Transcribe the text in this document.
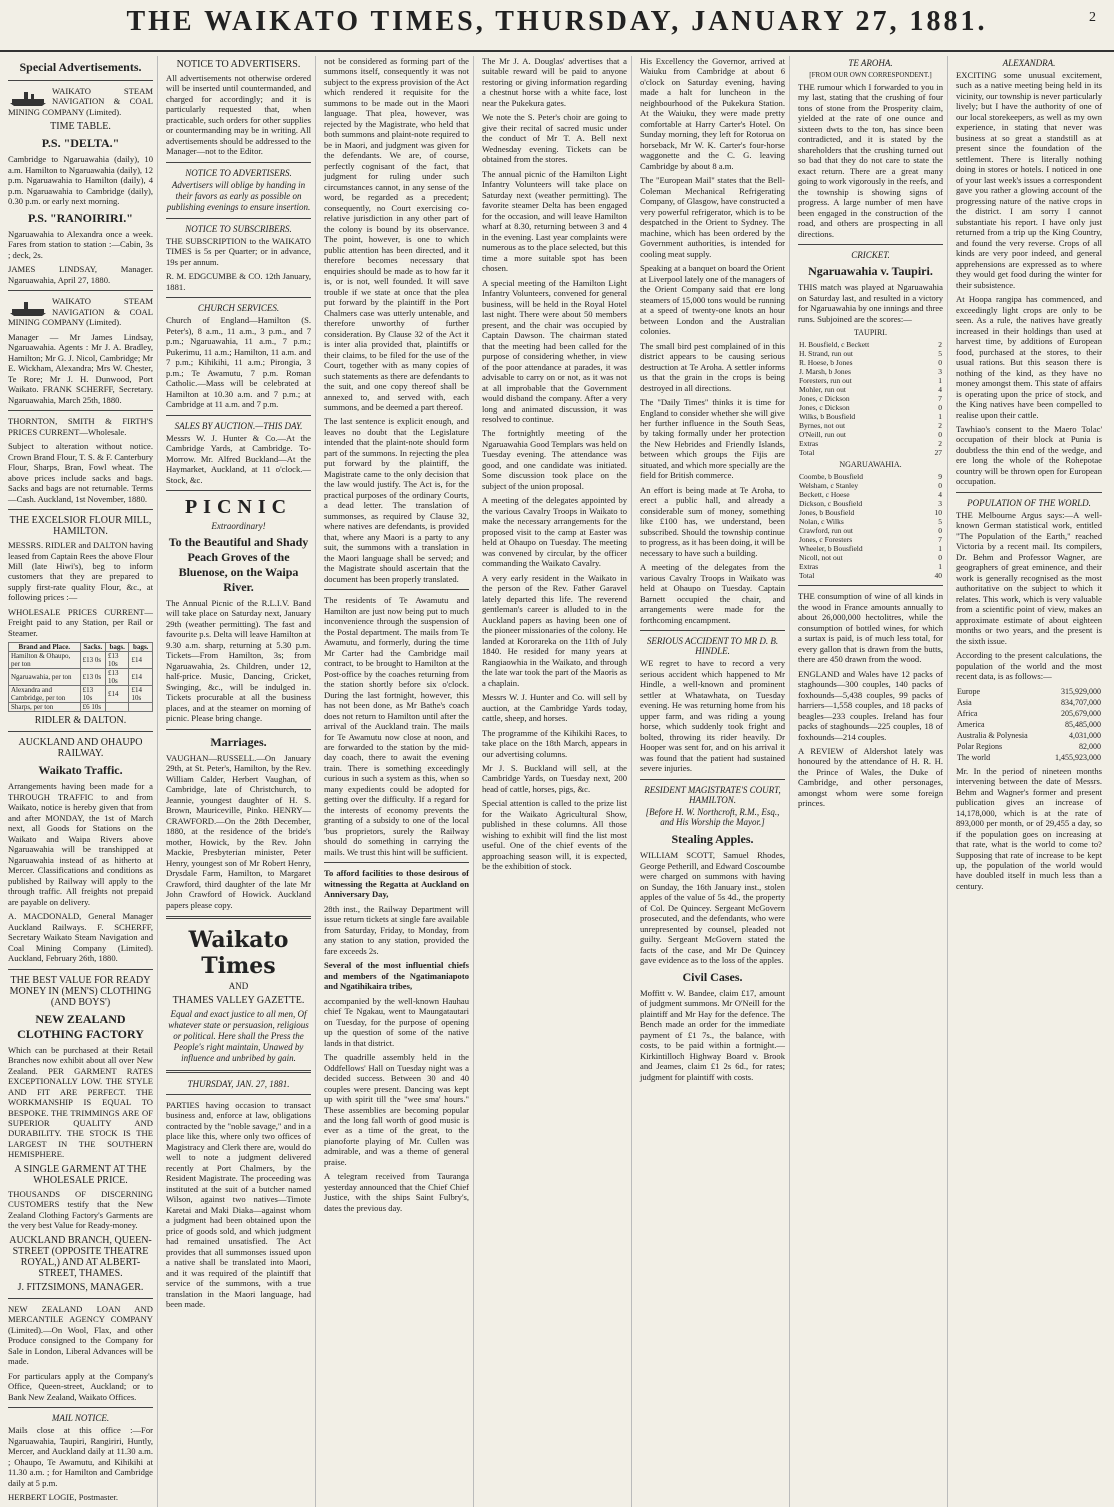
THE WAIKATO TIMES, THURSDAY, JANUARY 27, 1881.	2
Special Advertisements.

WAIKATO STEAM NAVIGATION & COAL MINING COMPANY (Limited).

TIME TABLE.
P.S. "DELTA."

Cambridge to Ngaruawahia (daily), 10 a.m. Hamilton to Ngaruawahia (daily), 12 p.m. Ngaruawahia to Hamilton (daily), 4 p.m. Ngaruawahia to Cambridge (daily), 0.30 p.m. or early next morning.

P.S. "RANOIRIRI."

Ngaruawahia to Alexandra once a week. Fares from station to station :—Cabin, 3s ; deck, 2s.

JAMES LINDSAY, Manager. Ngaruawahia, April 27, 1880.

WAIKATO STEAM NAVIGATION & COAL MINING COMPANY (Limited).

Manager — Mr James Lindsay, Ngaruawahia. Agents : Mr J. A. Bradley, Hamilton; Mr G. J. Nicol, Cambridge; Mr E. Wickham, Alexandra; Mrs W. Chester, Te Rore; Mr J. H. Dunwood, Port Waikato. FRANK SCHERFF, Secretary. Ngaruawahia, March 25th, 1880.

THORNTON, SMITH & FIRTH'S PRICES CURRENT—Wholesale.

Subject to alteration without notice. Crown Brand Flour, T. S. & F. Canterbury Flour, Sharps, Bran, Fowl wheat. The above prices include sacks and bags. Sacks and bags are not returnable. Terms—Cash. Auckland, 1st November, 1880.

THE EXCELSIOR FLOUR MILL, HAMILTON.

MESSRS. RIDLER and DALTON having leased from Captain Rees the above Flour Mill (late Hiwi's), beg to inform customers that they are prepared to supply first-rate quality Flour, &c., at following prices :—

WHOLESALE PRICES CURRENT— Freight paid to any Station, per Rail or Steamer.

Brand and Place.	Sacks.	bags.	bags.
Hamilton & Ohaupo, per ton	£13 0s	£13 10s	£14
Ngaruawahia, per ton	£13 0s	£13 10s	£14
Alexandra and Cambridge, per ton	£13 10s	£14	£14 10s
Sharps, per ton	£6 10s		
RIDLER & DALTON.
AUCKLAND AND OHAUPO RAILWAY.
Waikato Traffic.

Arrangements having been made for a THROUGH TRAFFIC to and from Waikato, notice is hereby given that from and after MONDAY, the 1st of March next, all Goods for Stations on the Waikato and Waipa Rivers above Ngaruawahia will be transhipped at Ngaruawahia instead of as hitherto at Mercer. Classifications and conditions as published by Railway will apply to the through traffic. All freights not prepaid are payable on delivery.

A. MACDONALD, General Manager Auckland Railways. F. SCHERFF, Secretary Waikato Steam Navigation and Coal Mining Company (Limited). Auckland, February 26th, 1880.

THE BEST VALUE FOR READY MONEY IN (MEN'S) CLOTHING (AND BOYS')
NEW ZEALAND CLOTHING FACTORY

Which can be purchased at their Retail Branches now exhibit about all over New Zealand. PER GARMENT RATES EXCEPTIONALLY LOW. THE STYLE AND FIT ARE PERFECT. THE WORKMANSHIP IS EQUAL TO BESPOKE. THE TRIMMINGS ARE OF SUPERIOR QUALITY AND DURABILITY. THE STOCK IS THE LARGEST IN THE SOUTHERN HEMISPHERE.

A SINGLE GARMENT AT THE WHOLESALE PRICE.

THOUSANDS OF DISCERNING CUSTOMERS testify that the New Zealand Clothing Factory's Garments are the very best Value for Ready-money.

AUCKLAND BRANCH, QUEEN-STREET (OPPOSITE THEATRE ROYAL,) AND AT ALBERT-STREET, THAMES.
J. FITZSIMONS, MANAGER.

NEW ZEALAND LOAN AND MERCANTILE AGENCY COMPANY (Limited).—On Wool, Flax, and other Produce consigned to the Company for Sale in London, Liberal Advances will be made.

For particulars apply at the Company's Office, Queen-street, Auckland; or to Bank New Zealand, Waikato Offices.

MAIL NOTICE.

Mails close at this office :—For Ngaruawahia, Taupiri, Rangiriri, Huntly, Mercer, and Auckland daily at 11.30 a.m. ; Ohaupo, Te Awamutu, and Kihikihi at 11.30 a.m. ; for Hamilton and Cambridge daily at 5 p.m.

HERBERT LOGIE, Postmaster.

NOTICE TO ADVERTISERS.

All advertisements not otherwise ordered will be inserted until countermanded, and charged for accordingly; and it is particularly requested that, when practicable, such orders for other supplies or countermanding may be in writing. All advertisements should be addressed to the Manager—not to the Editor.

NOTICE TO ADVERTISERS.

Advertisers will oblige by handing in their favors as early as possible on publishing evenings to ensure insertion.

NOTICE TO SUBSCRIBERS.

THE SUBSCRIPTION to the WAIKATO TIMES is 5s per Quarter; or in advance, 19s per annum.

R. M. EDGCUMBE & CO. 12th January, 1881.

CHURCH SERVICES.

Church of England—Hamilton (S. Peter's), 8 a.m., 11 a.m., 3 p.m., and 7 p.m.; Ngaruawahia, 11 a.m., 7 p.m.; Pukerimu, 11 a.m.; Hamilton, 11 a.m. and 7 p.m.; Kihikihi, 11 a.m.; Pirongia, 3 p.m.; Te Awamutu, 7 p.m. Roman Catholic.—Mass will be celebrated at Hamilton at 10.30 a.m. and 7 p.m.; at Cambridge at 11 a.m. and 7 p.m.

SALES BY AUCTION.—THIS DAY.

Messrs W. J. Hunter & Co.—At the Cambridge Yards, at Cambridge. To-Morrow. Mr. Alfred Buckland—At the Haymarket, Auckland, at 11 o'clock.—Stock, &c.

PICNIC
Extraordinary!
To the Beautiful and Shady Peach Groves of the Bluenose, on the Waipa River.

The Annual Picnic of the R.L.I.V. Band will take place on Saturday next, January 29th (weather permitting). The fast and favourite p.s. Delta will leave Hamilton at 9.30 a.m. sharp, returning at 5.30 p.m. Tickets—From Hamilton, 3s; from Ngaruawahia, 2s. Children, under 12, half-price. Music, Dancing, Cricket, Swinging, &c., will be indulged in. Tickets procurable at all the business places, and at the steamer on morning of picnic. Please bring change.

Marriages.

VAUGHAN—RUSSELL.—On January 29th, at St. Peter's, Hamilton, by the Rev. William Calder, Herbert Vaughan, of Cambridge, late of Christchurch, to Jeannie, youngest daughter of H. S. Brown, Mauriceville, Pinko. HENRY—CRAWFORD.—On the 28th December, 1880, at the residence of the bride's mother, Howick, by the Rev. John Mackie, Presbyterian minister, Peter Henry, youngest son of Mr Robert Henry, Drysdale Farm, Hamilton, to Margaret Crawford, third daughter of the late Mr John Crawford of Howick. Auckland papers please copy.

Waikato Times
AND
THAMES VALLEY GAZETTE.

Equal and exact justice to all men, Of whatever state or persuasion, religious or political. Here shall the Press the People's right maintain, Unawed by influence and unbribed by gain.

THURSDAY, JAN. 27, 1881.

PARTIES having occasion to transact business and, enforce at law, obligations contracted by the "noble savage," and in a place like this, where only two offices of Magistracy and Clerk there are, would do well to note a judgment delivered recently at Port Chalmers, by the Resident Magistrate. The proceeding was instituted at the suit of a butcher named Wilson, against two natives—Timote Karetai and Maki Diaka—against whom a judgment had been obtained upon the price of goods sold, and which judgment had remained unsatisfied. The Act provides that all summonses issued upon a native shall be translated into Maori, and it was required of the plaintiff that service of the summons, with a true translation in the Maori language, had been made.

not be considered as forming part of the summons itself, consequently it was not subject to the express provision of the Act which rendered it requisite for the summons to be made out in the Maori language. That plea, however, was rejected by the Magistrate, who held that both summons and plaint-note required to be in Maori, and judgment was given for the defendants. We are, of course, perfectly cognisant of the fact, that judgment for ruling under such circumstances cannot, in any sense of the word, be regarded as a precedent; consequently, no Court exercising co-relative jurisdiction in any other part of the colony is bound by its observance. The point, however, is one to which public attention has been directed, and it therefore becomes necessary that enquiries should be made as to how far it is, or is not, well founded. It will save trouble if we state at once that the plea put forward by the plaintiff in the Port Chalmers case was utterly untenable, and therefore unworthy of further consideration. By Clause 32 of the Act it is inter alia provided that, plaintiffs or their claims, to be filed for the use of the Court, together with as many copies of such statements as there are defendants to the suit, and one copy thereof shall be annexed to, and served with, each summons, and be deemed a part thereof.

The last sentence is explicit enough, and leaves no doubt that the Legislature intended that the plaint-note should form part of the summons. In rejecting the plea put forward by the plaintiff, the Magistrate came to the only decision that the law would justify. The Act is, for the practical purposes of the ordinary Courts, a dead letter. The translation of summonses, as required by Clause 32, where natives are defendants, is provided that, where any Maori is a party to any suit, the summons with a translation in the Maori language shall be served; and the Magistrate should ascertain that the document has been properly translated.

The residents of Te Awamutu and Hamilton are just now being put to much inconvenience through the suspension of the Postal department. The mails from Te Awamutu, and formerly, during the time Mr Carter had the Cambridge mail contract, to be brought to Hamilton at the Post-office by the coaches returning from the station shortly before six o'clock. During the last fortnight, however, this has not been done, as Mr Bathe's coach does not return to Hamilton until after the arrival of the Auckland train. The mails for Te Awamutu now close at noon, and are forwarded to the station by the mid-day coach, there to await the evening train. There is something exceedingly curious in such a system as this, when so many expedients could be adopted for getting over the difficulty. If a regard for the interests of economy prevents the granting of a subsidy to one of the local 'bus proprietors, surely the Railway should do something in carrying the mails. We trust this hint will be sufficient.

To afford facilities to those desirous of witnessing the Regatta at Auckland on Anniversary Day,

28th inst., the Railway Department will issue return tickets at single fare available from Saturday, Friday, to Monday, from any station to any station, provided the fare exceeds 2s.

Several of the most influential chiefs and members of the Ngatimaniapoto and Ngatihikaira tribes,

accompanied by the well-known Hauhau chief Te Ngakau, went to Maungatautari on Tuesday, for the purpose of opening up the question of some of the native lands in that district.

The quadrille assembly held in the Oddfellows' Hall on Tuesday night was a decided success. Between 30 and 40 couples were present. Dancing was kept up with spirit till the "wee sma' hours." These assemblies are becoming popular and the long fall worth of good music is ever as a time of the great, to the pianoforte playing of Mr. Cullen was admirable, and was a theme of general praise.

A telegram received from Tauranga yesterday announced that the Chief Chief Justice, with the ships Saint Fulbry's, dates the previous day.

The Mr J. A. Douglas' advertises that a suitable reward will be paid to anyone restoring or giving information regarding a chestnut horse with a white face, lost near the Pukekura gates.

We note the S. Peter's choir are going to give their recital of sacred music under the conduct of Mr T. A. Bell next Wednesday evening. Tickets can be obtained from the stores.

The annual picnic of the Hamilton Light Infantry Volunteers will take place on Saturday next (weather permitting). The favorite steamer Delta has been engaged for the occasion, and will leave Hamilton wharf at 8.30, returning between 3 and 4 in the evening. Last year complaints were numerous as to the place selected, but this time a more suitable spot has been chosen.

A special meeting of the Hamilton Light Infantry Volunteers, convened for general business, will be held in the Royal Hotel last night. There were about 50 members present, and the chair was occupied by Captain Dawson. The chairman stated that the meeting had been called for the purpose of considering whether, in view of the poor attendance at parades, it was advisable to carry on or not, as it was not at all improbable that the Government would disband the company. After a very long and animated discussion, it was resolved to continue.

The fortnightly meeting of the Ngaruawahia Good Templars was held on Tuesday evening. The attendance was good, and one candidate was initiated. Some discussion took place on the subject of the union proposal.

A meeting of the delegates appointed by the various Cavalry Troops in Waikato to make the necessary arrangements for the proposed visit to the camp at Easter was held at Ohaupo on Tuesday. The meeting was convened by circular, by the officer commanding the Waikato Cavalry.

A very early resident in the Waikato in the person of the Rev. Father Garavel lately departed this life. The reverend gentleman's career is alluded to in the Auckland papers as having been one of the pioneer missionaries of the colony. He landed at Kororareka on the 11th of July 1840. He resided for many years at Rangiaowhia in the Waikato, and through the late war took the part of the Maoris as a chaplain.

Messrs W. J. Hunter and Co. will sell by auction, at the Cambridge Yards today, cattle, sheep, and horses.

The programme of the Kihikihi Races, to take place on the 18th March, appears in our advertising columns.

Mr J. S. Buckland will sell, at the Cambridge Yards, on Tuesday next, 200 head of cattle, horses, pigs, &c.

Special attention is called to the prize list for the Waikato Agricultural Show, published in these columns. All those wishing to exhibit will find the list most useful. One of the chief events of the approaching season will, it is expected, be the exhibition of stock.

His Excellency the Governor, arrived at Waiuku from Cambridge at about 6 o'clock on Saturday evening, having made a halt for luncheon in the neighbourhood of the Pukekura Station. At the Waiuku, they were made pretty comfortable at Harry Carter's Hotel. On Sunday morning, they left for Rotorua on horseback, Mr W. K. Carter's four-horse waggonette and the C. G. leaving Cambridge by about 8 a.m.

The "European Mail" states that the Bell-Coleman Mechanical Refrigerating Company, of Glasgow, have constructed a very powerful refrigerator, which is to be despatched in the Orient to Sydney. The machine, which has been ordered by the Government authorities, is intended for cooling meat supply.

Speaking at a banquet on board the Orient at Liverpool lately one of the managers of the Orient Company said that ere long steamers of 15,000 tons would be running at a speed of twenty-one knots an hour between London and the Australian colonies.

The small bird pest complained of in this district appears to be causing serious destruction at Te Aroha. A settler informs us that the grain in the crops is being destroyed in all directions.

The "Daily Times" thinks it is time for England to consider whether she will give her further influence in the South Seas, by taking formally under her protection the New Hebrides and Friendly Islands, between which groups the Fijis are situated, and which more specially are the field for British commerce.

An effort is being made at Te Aroha, to erect a public hall, and already a considerable sum of money, something like £100 has, we understand, been subscribed. Should the township continue to progress, as it has been doing, it will be necessary to have such a building.

A meeting of the delegates from the various Cavalry Troops in Waikato was held at Ohaupo on Tuesday. Captain Barnett occupied the chair, and arrangements were made for the forthcoming encampment.

SERIOUS ACCIDENT TO MR D. B. HINDLE.

WE regret to have to record a very serious accident which happened to Mr Hindle, a well-known and prominent settler at Whatawhata, on Tuesday evening. He was returning home from his upper farm, and was riding a young horse, which suddenly took fright and bolted, throwing its rider heavily. Dr Hooper was sent for, and on his arrival it was found that the patient had sustained severe injuries.

RESIDENT MAGISTRATE'S COURT, HAMILTON.

[Before H. W. Northcroft, R.M., Esq., and His Worship the Mayor.]

Stealing Apples.

WILLIAM SCOTT, Samuel Rhodes, George Petherill, and Edward Coscoumbe were charged on summons with having on Sunday, the 16th January inst., stolen apples of the value of 5s 4d., the property of Col. De Quincey. Sergeant McGovern prosecuted, and the defendants, who were unrepresented by counsel, pleaded not guilty. Sergeant McGovern stated the facts of the case, and Mr De Quincey gave evidence as to the loss of the apples.

Civil Cases.

Moffitt v. W. Bandee, claim £17, amount of judgment summons. Mr O'Neill for the plaintiff and Mr Hay for the defence. The Bench made an order for the immediate payment of £1 7s., the balance, with costs, to be paid within a fortnight.—Kirkintilloch Highway Board v. Brook and Jeames, claim £1 2s 6d., for rates; judgment for plaintiff with costs.

TE AROHA.
[FROM OUR OWN CORRESPONDENT.]

THE rumour which I forwarded to you in my last, stating that the crushing of four tons of stone from the Prosperity claim, yielded at the rate of one ounce and sixteen dwts to the ton, has since been contradicted, and it is stated by the shareholders that the crushing turned out so bad that they do not care to state the exact return. There are a great many going to work vigorously in the reefs, and the township is showing signs of progress. A large number of men have been engaged in the construction of the road, and others are prospecting in all directions.

CRICKET.
Ngaruawahia v. Taupiri.

THIS match was played at Ngaruawahia on Saturday last, and resulted in a victory for Ngaruawahia by one innings and three runs. Subjoined are the scores:—

TAUPIRI.
H. Bousfield, c Beckett	2
H. Strand, run out	5
R. Hoese, b Jones	0
J. Marsh, b Jones	3
Foresters, run out	1
Mohler, run out	4
Jones, c Dickson	7
Jones, c Dickson	0
Wilks, b Bousfield	1
Byrnes, not out	2
O'Neill, run out	0
Extras	2
Total	27
NGARUAWAHIA.
Coombe, b Bousfield	9
Welsham, c Stanley	0
Beckett, c Hoese	4
Dickson, c Bousfield	3
Jones, b Bousfield	10
Nolan, c Wilks	5
Crawford, run out	0
Jones, c Foresters	7
Wheeler, b Bousfield	1
Nicoll, not out	0
Extras	1
Total	40

THE consumption of wine of all kinds in the wood in France amounts annually to about 26,000,000 hectolitres, while the consumption of bottled wines, for which a surtax is paid, is of much less total, for every gallon that is drawn from the butts, there are 450 drawn from the wood.

ENGLAND and Wales have 12 packs of staghounds—300 couples, 140 packs of foxhounds—5,438 couples, 99 packs of harriers—1,558 couples, and 18 packs of beagles—233 couples. Ireland has four packs of staghounds—225 couples, 18 of foxhounds—214 couples.

A REVIEW of Aldershot lately was honoured by the attendance of H. R. H. the Prince of Wales, the Duke of Cambridge, and other personages, amongst whom were some foreign princes.

ALEXANDRA.

EXCITING some unusual excitement, such as a native meeting being held in its vicinity, our township is never particularly lively; but I have the authority of one of our local storekeepers, as well as my own experience, in stating that never was business at so great a standstill as at present since the foundation of the settlement. There is literally nothing doing in stores or hotels. I noticed in one of your last week's issues a correspondent gave you rather a glowing account of the progressing nature of the native crops in the district. I am sorry I cannot substantiate his report. I have only just returned from a trip up the King Country, and found the very reverse. Crops of all kinds are very poor indeed, and general apprehensions are expressed as to where they would get food during the winter for their subsistence.

At Hoopa rangipa has commenced, and exceedingly light crops are only to be seen. As a rule, the natives have greatly increased in their holdings than used at harvest time, by additions of European food, purchased at the stores, to their usual rations. But this season there is nothing of the kind, as they have no money amongst them. This state of affairs is operating upon the price of stock, and the King natives have been compelled to realise upon their cattle.

Tawhiao's consent to the Maero Tolac' occupation of their block at Punia is doubtless the thin end of the wedge, and ere long the whole of the Rohepotae country will be thrown open for European occupation.

POPULATION OF THE WORLD.

THE Melbourne Argus says:—A well-known German statistical work, entitled "The Population of the Earth," reached Victoria by a recent mail. Its compilers, Dr. Behm and Professor Wagner, are geographers of great eminence, and their work is generally recognised as the most authoritative on the subject to which it relates. This work, which is very valuable from a scientific point of view, makes an approximate estimate of about eighteen months or two years, and the present is the sixth issue.

According to the present calculations, the population of the world and the most recent data, is as follows:—

Europe	315,929,000
Asia	834,707,000
Africa	205,679,000
America	85,485,000
Australia & Polynesia	4,031,000
Polar Regions	82,000
The world	1,455,923,000

Mr. In the period of nineteen months intervening between the date of Messrs. Behm and Wagner's former and present publication gives an increase of 14,178,000, which is at the rate of 893,000 per month, or of 29,455 a day, so if the population goes on increasing at that rate, what is the world to come to? Supposing that rate of increase to be kept up, the population of the world would have doubled itself in much less than a century.
